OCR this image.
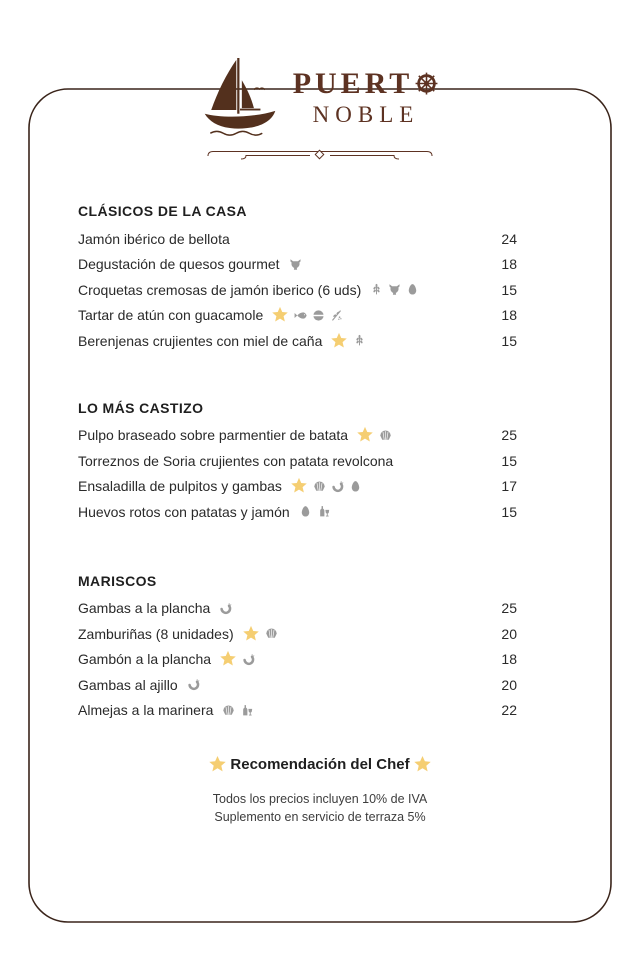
PUERT
NOBLE
CLÁSICOS DE LA CASA
Jamón ibérico de bellota	24
Degustación de quesos gourmet	18
Croquetas cremosas de jamón iberico (6 uds)	15
Tartar de atún con guacamole	18
Berenjenas crujientes con miel de caña	15
LO MÁS CASTIZO
Pulpo braseado sobre parmentier de batata	25
Torreznos de Soria crujientes con patata revolcona	15
Ensaladilla de pulpitos y gambas	17
Huevos rotos con patatas y jamón	15
MARISCOS
Gambas a la plancha	25
Zamburiñas (8 unidades)	20
Gambón a la plancha	18
Gambas al ajillo	20
Almejas a la marinera	22
Recomendación del Chef

Todos los precios incluyen 10% de IVA

Suplemento en servicio de terraza 5%
